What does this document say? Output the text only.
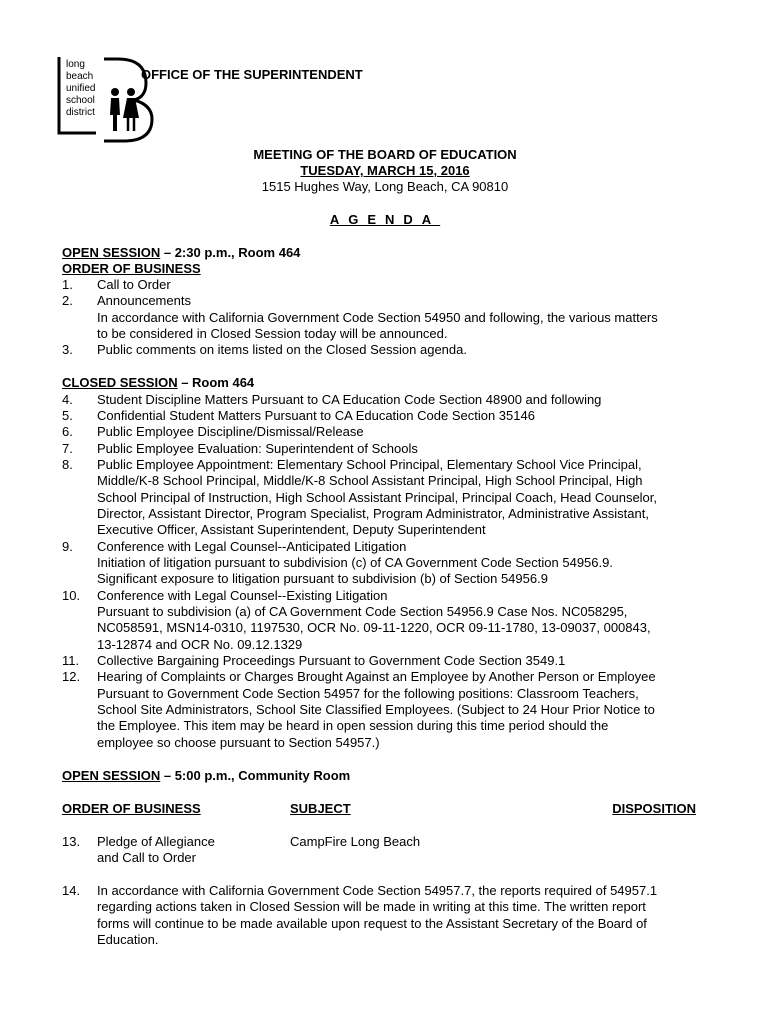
long
beach
unified
school
district
OFFICE OF THE SUPERINTENDENT
MEETING OF THE BOARD OF EDUCATION
TUESDAY, MARCH 15, 2016
1515 Hughes Way, Long Beach, CA 90810
AGENDA
OPEN SESSION – 2:30 p.m., Room 464
ORDER OF BUSINESS
1. Call to Order
2. Announcements
In accordance with California Government Code Section 54950 and following, the various matters
to be considered in Closed Session today will be announced.
3. Public comments on items listed on the Closed Session agenda.
CLOSED SESSION – Room 464
4. Student Discipline Matters Pursuant to CA Education Code Section 48900 and following
5. Confidential Student Matters Pursuant to CA Education Code Section 35146
6. Public Employee Discipline/Dismissal/Release
7. Public Employee Evaluation: Superintendent of Schools
8. Public Employee Appointment: Elementary School Principal, Elementary School Vice Principal,
Middle/K-8 School Principal, Middle/K-8 School Assistant Principal, High School Principal, High
School Principal of Instruction, High School Assistant Principal, Principal Coach, Head Counselor,
Director, Assistant Director, Program Specialist, Program Administrator, Administrative Assistant,
Executive Officer, Assistant Superintendent, Deputy Superintendent
9. Conference with Legal Counsel--Anticipated Litigation
Initiation of litigation pursuant to subdivision (c) of CA Government Code Section 54956.9.
Significant exposure to litigation pursuant to subdivision (b) of Section 54956.9
10. Conference with Legal Counsel--Existing Litigation
Pursuant to subdivision (a) of CA Government Code Section 54956.9 Case Nos. NC058295,
NC058591, MSN14-0310, 1197530, OCR No. 09-11-1220, OCR 09-11-1780, 13-09037, 000843,
13-12874 and OCR No. 09.12.1329
11. Collective Bargaining Proceedings Pursuant to Government Code Section 3549.1
12. Hearing of Complaints or Charges Brought Against an Employee by Another Person or Employee
Pursuant to Government Code Section 54957 for the following positions: Classroom Teachers,
School Site Administrators, School Site Classified Employees. (Subject to 24 Hour Prior Notice to
the Employee. This item may be heard in open session during this time period should the
employee so choose pursuant to Section 54957.)
OPEN SESSION – 5:00 p.m., Community Room
ORDER OF BUSINESS	SUBJECT	DISPOSITION
13. Pledge of Allegiance
and Call to Order
CampFire Long Beach
14. In accordance with California Government Code Section 54957.7, the reports required of 54957.1
regarding actions taken in Closed Session will be made in writing at this time. The written report
forms will continue to be made available upon request to the Assistant Secretary of the Board of
Education.
